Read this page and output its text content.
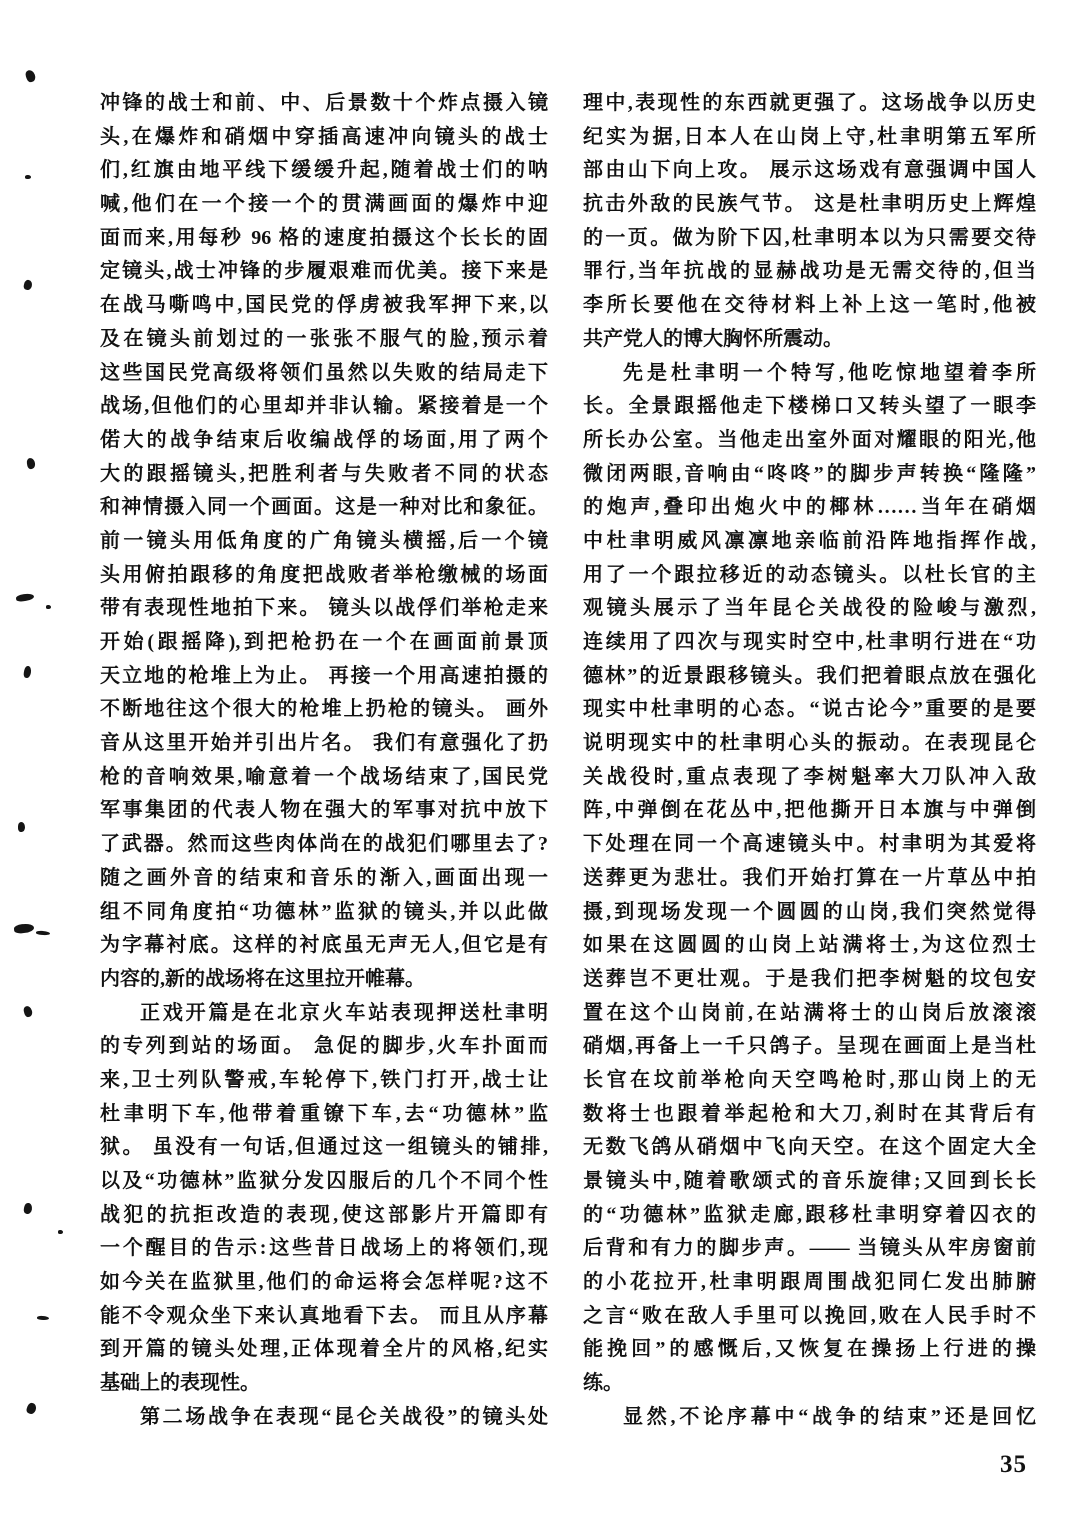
冲锋的战士和前、中、后景数十个炸点摄入镜
头,在爆炸和硝烟中穿插高速冲向镜头的战士
们,红旗由地平线下缓缓升起,随着战士们的呐
喊,他们在一个接一个的贯满画面的爆炸中迎
面而来,用每秒 96 格的速度拍摄这个长长的固
定镜头,战士冲锋的步履艰难而优美。接下来是
在战马嘶鸣中,国民党的俘虏被我军押下来,以
及在镜头前划过的一张张不服气的脸,预示着
这些国民党高级将领们虽然以失败的结局走下
战场,但他们的心里却并非认输。紧接着是一个
偌大的战争结束后收编战俘的场面,用了两个
大的跟摇镜头,把胜利者与失败者不同的状态
和神情摄入同一个画面。这是一种对比和象征。
前一镜头用低角度的广角镜头横摇,后一个镜
头用俯拍跟移的角度把战败者举枪缴械的场面
带有表现性地拍下来。 镜头以战俘们举枪走来
开始(跟摇降),到把枪扔在一个在画面前景顶
天立地的枪堆上为止。 再接一个用高速拍摄的
不断地往这个很大的枪堆上扔枪的镜头。 画外
音从这里开始并引出片名。 我们有意强化了扔
枪的音响效果,喻意着一个战场结束了,国民党
军事集团的代表人物在强大的军事对抗中放下
了武器。然而这些肉体尚在的战犯们哪里去了?
随之画外音的结束和音乐的渐入,画面出现一
组不同角度拍“功德林”监狱的镜头,并以此做
为字幕衬底。这样的衬底虽无声无人,但它是有
内容的,新的战场将在这里拉开帷幕。
正戏开篇是在北京火车站表现押送杜聿明
的专列到站的场面。 急促的脚步,火车扑面而
来,卫士列队警戒,车轮停下,铁门打开,战士让
杜聿明下车,他带着重镣下车,去“功德林”监
狱。 虽没有一句话,但通过这一组镜头的铺排,
以及“功德林”监狱分发囚服后的几个不同个性
战犯的抗拒改造的表现,使这部影片开篇即有
一个醒目的告示:这些昔日战场上的将领们,现
如今关在监狱里,他们的命运将会怎样呢?这不
能不令观众坐下来认真地看下去。 而且从序幕
到开篇的镜头处理,正体现着全片的风格,纪实
基础上的表现性。
第二场战争在表现“昆仑关战役”的镜头处
理中,表现性的东西就更强了。这场战争以历史
纪实为据,日本人在山岗上守,杜聿明第五军所
部由山下向上攻。 展示这场戏有意强调中国人
抗击外敌的民族气节。 这是杜聿明历史上辉煌
的一页。做为阶下囚,杜聿明本以为只需要交待
罪行,当年抗战的显赫战功是无需交待的,但当
李所长要他在交待材料上补上这一笔时,他被
共产党人的博大胸怀所震动。
先是杜聿明一个特写,他吃惊地望着李所
长。全景跟摇他走下楼梯口又转头望了一眼李
所长办公室。当他走出室外面对耀眼的阳光,他
微闭两眼,音响由“咚咚”的脚步声转换“隆隆”
的炮声,叠印出炮火中的椰林……当年在硝烟
中杜聿明威风凛凛地亲临前沿阵地指挥作战,
用了一个跟拉移近的动态镜头。以杜长官的主
观镜头展示了当年昆仑关战役的险峻与激烈,
连续用了四次与现实时空中,杜聿明行进在“功
德林”的近景跟移镜头。我们把着眼点放在强化
现实中杜聿明的心态。“说古论今”重要的是要
说明现实中的杜聿明心头的振动。在表现昆仑
关战役时,重点表现了李树魁率大刀队冲入敌
阵,中弹倒在花丛中,把他撕开日本旗与中弹倒
下处理在同一个高速镜头中。村聿明为其爱将
送葬更为悲壮。我们开始打算在一片草丛中拍
摄,到现场发现一个圆圆的山岗,我们突然觉得
如果在这圆圆的山岗上站满将士,为这位烈士
送葬岂不更壮观。于是我们把李树魁的坟包安
置在这个山岗前,在站满将士的山岗后放滚滚
硝烟,再备上一千只鸽子。呈现在画面上是当杜
长官在坟前举枪向天空鸣枪时,那山岗上的无
数将士也跟着举起枪和大刀,刹时在其背后有
无数飞鸽从硝烟中飞向天空。在这个固定大全
景镜头中,随着歌颂式的音乐旋律;又回到长长
的“功德林”监狱走廊,跟移杜聿明穿着囚衣的
后背和有力的脚步声。—— 当镜头从牢房窗前
的小花拉开,杜聿明跟周围战犯同仁发出肺腑
之言“败在敌人手里可以挽回,败在人民手时不
能挽回”的感慨后,又恢复在操扬上行进的操
练。
显然,不论序幕中“战争的结束”还是回忆
35
